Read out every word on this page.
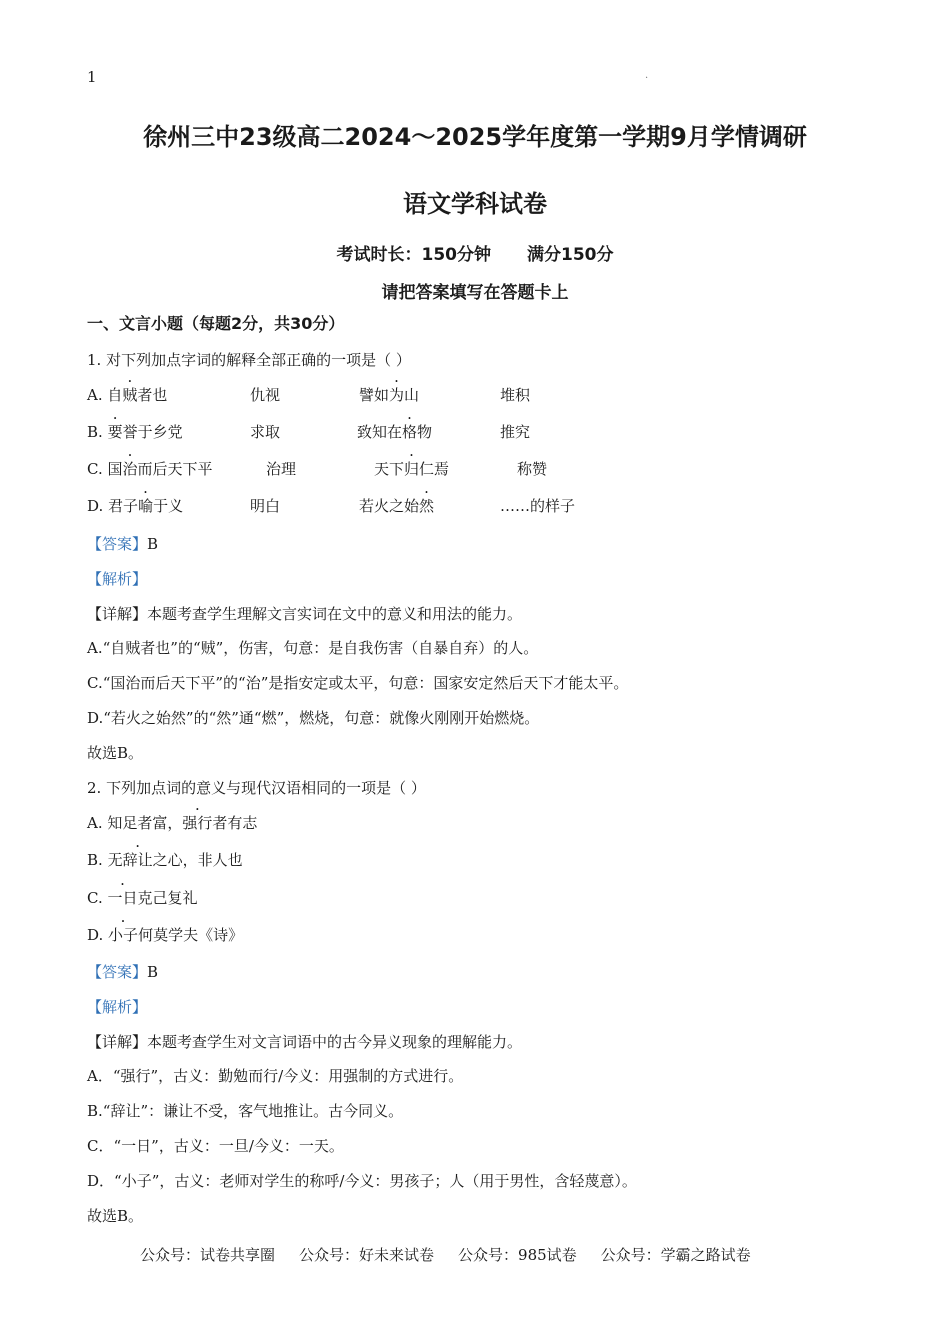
1	.
徐州三中23级高二2024～2025学年度第一学期9月学情调研
语文学科试卷
考试时长：150分钟 满分150分
请把答案填写在答题卡上
一、文言小题（每题2分，共30分）
1. 对下列加点字词的解释全部正确的一项是（ ）
A. 自贼者也	仇视	譬如为山	堆积
B. 要誉于乡党	求取	致知在格物	推究
C. 国治而后天下平	治理	天下归仁焉	称赞
D. 君子喻于义	明白	若火之始然	……的样子
【答案】B
【解析】
【详解】本题考查学生理解文言实词在文中的意义和用法的能力。
A.“自贼者也”的“贼”，伤害，句意：是自我伤害（自暴自弃）的人。
C.“国治而后天下平”的“治”是指安定或太平，句意：国家安定然后天下才能太平。
D.“若火之始然”的“然”通“燃”，燃烧，句意：就像火刚刚开始燃烧。
故选B。
2. 下列加点词的意义与现代汉语相同的一项是（ ）
A. 知足者富，强行者有志
B. 无辞让之心，非人也
C. 一日克己复礼
D. 小子何莫学夫《诗》
【答案】B
【解析】
【详解】本题考查学生对文言词语中的古今异义现象的理解能力。
A．“强行”，古义：勤勉而行/今义：用强制的方式进行。
B.“辞让”：谦让不受，客气地推让。古今同义。
C．“一日”，古义：一旦/今义：一天。
D．“小子”，古义：老师对学生的称呼/今义：男孩子；人（用于男性，含轻蔑意）。
故选B。
公众号：试卷共享圈 公众号：好未来试卷 公众号：985试卷 公众号：学霸之路试卷
